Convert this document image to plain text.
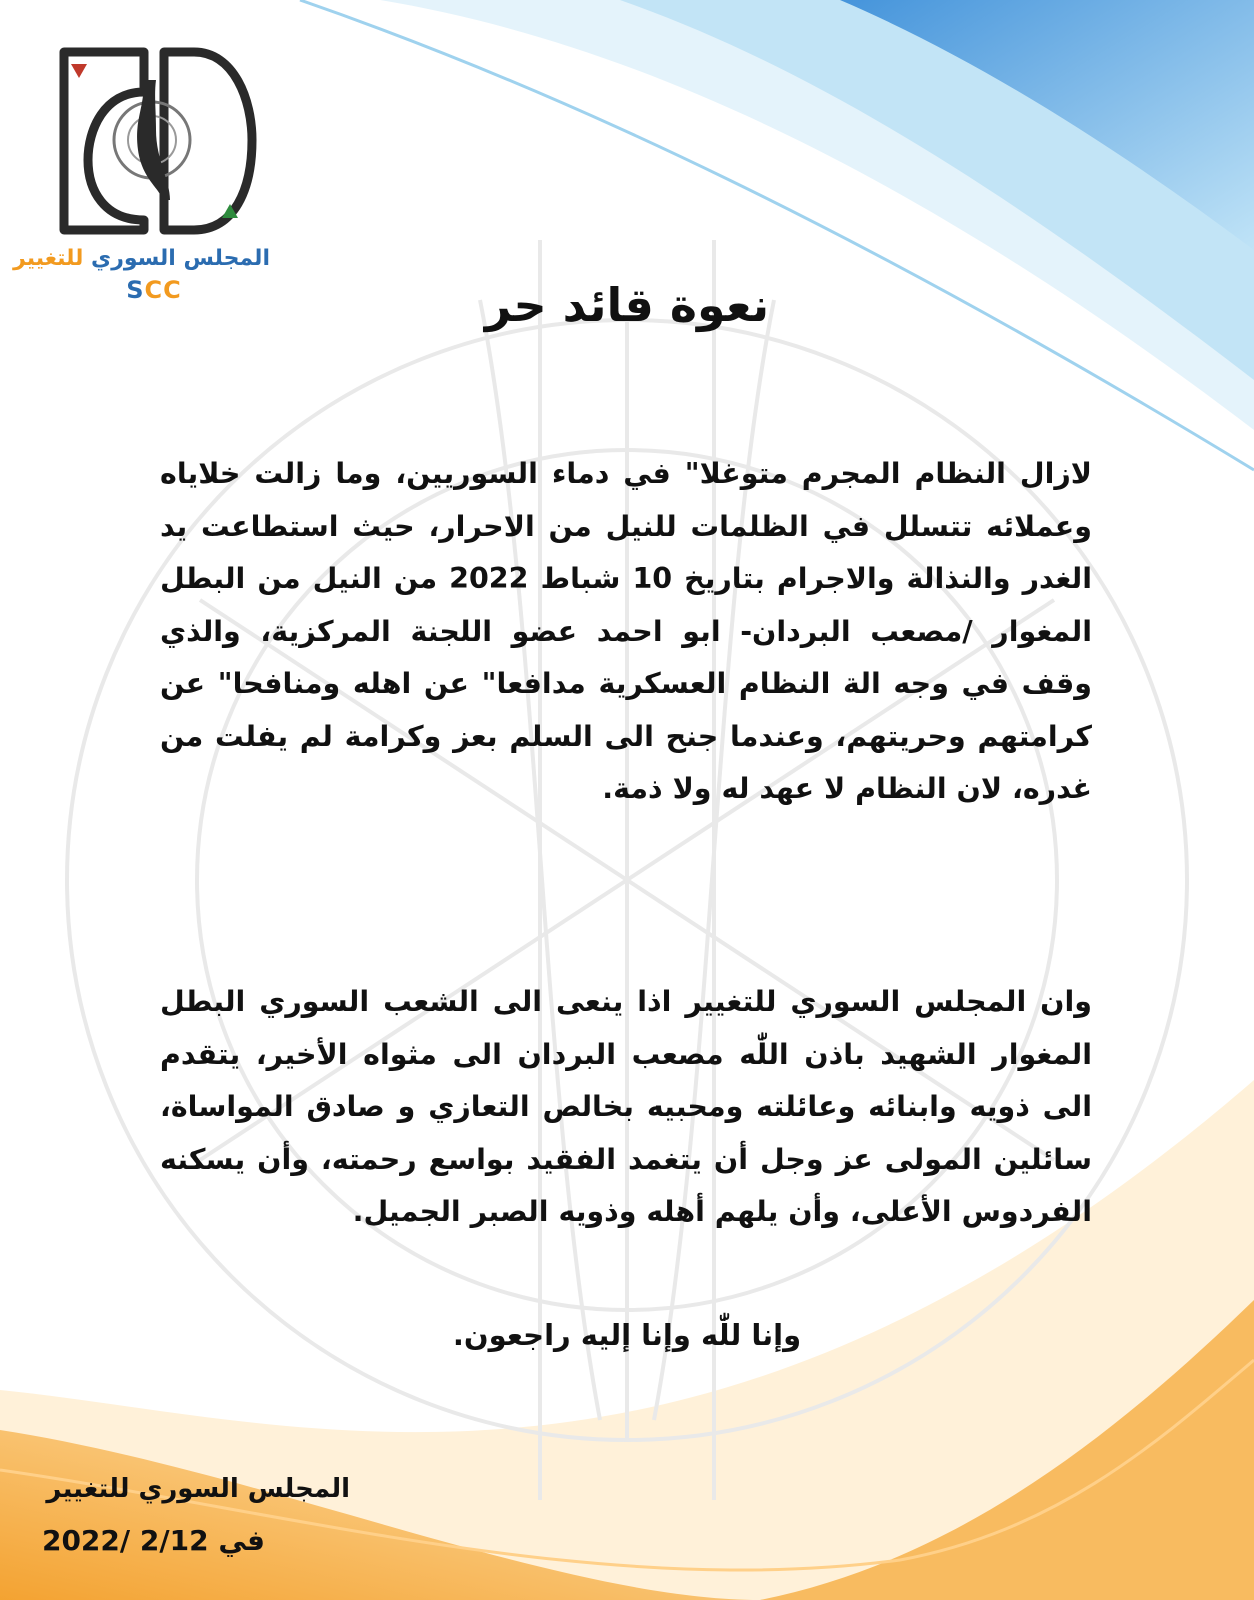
المجلس السوري للتغيير
SCC	نعوة قائد حر
لازال النظام المجرم متوغلا" في دماء السوريين، وما زالت خلاياه وعملائه تتسلل في الظلمات للنيل من الاحرار، حيث استطاعت يد الغدر والنذالة والاجرام بتاريخ 10 شباط 2022 من النيل من البطل المغوار /مصعب البردان- ابو احمد عضو اللجنة المركزية، والذي وقف في وجه الة النظام العسكرية مدافعا" عن اهله ومنافحا" عن كرامتهم وحريتهم، وعندما جنح الى السلم بعز وكرامة لم يفلت من غدره، لان النظام لا عهد له ولا ذمة.
وان المجلس السوري للتغيير اذا ينعى الى الشعب السوري البطل المغوار الشهيد باذن اللّٰه مصعب البردان الى مثواه الأخير، يتقدم الى ذويه وابنائه وعائلته ومحبيه بخالص التعازي و صادق المواساة، سائلين المولى عز وجل أن يتغمد الفقيد بواسع رحمته، وأن يسكنه الفردوس الأعلى، وأن يلهم أهله وذويه الصبر الجميل.
وإنا للّٰه وإنا إليه راجعون.
المجلس السوري للتغيير
في 2/12 /2022
